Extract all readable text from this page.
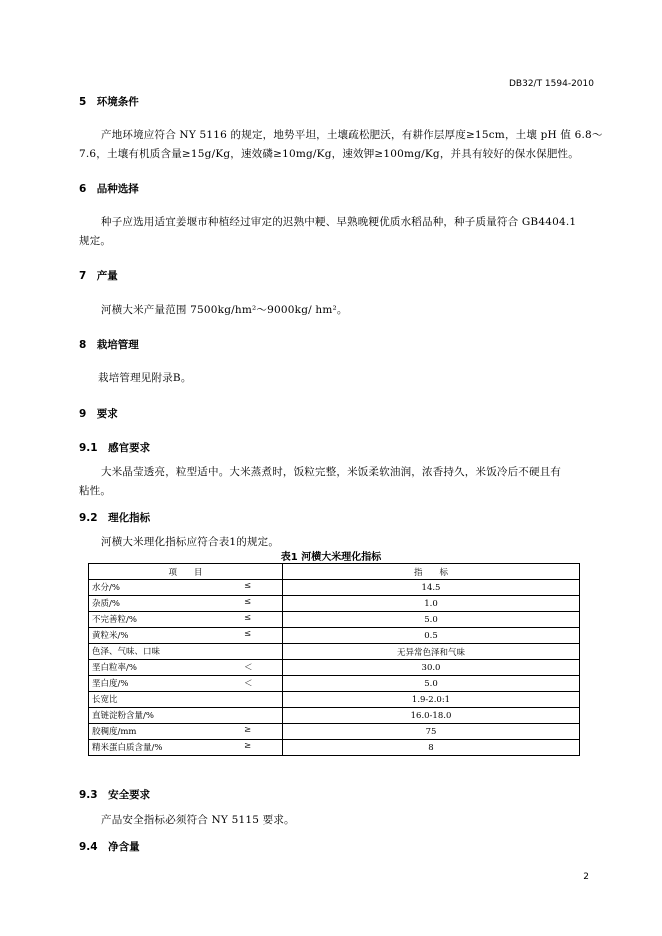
DB32/T 1594-2010
5　环境条件
产地环境应符合 NY 5116 的规定，地势平坦，土壤疏松肥沃，有耕作层厚度≥15cm，土壤 pH 值 6.8～
7.6，土壤有机质含量≥15g/Kg，速效磷≥10mg/Kg，速效钾≥100mg/Kg，并具有较好的保水保肥性。
6　品种选择
种子应选用适宜姜堰市种植经过审定的迟熟中粳、早熟晚粳优质水稻品种，种子质量符合 GB4404.1
规定。
7　产量
河横大米产量范围 7500kg/hm²～9000kg/ hm²。
8　栽培管理
栽培管理见附录B。
9　要求
9.1　感官要求
大米晶莹透亮，粒型适中。大米蒸煮时，饭粒完整，米饭柔软油润，浓香持久，米饭冷后不硬且有
粘性。
9.2　理化指标
河横大米理化指标应符合表1的规定。
表1 河横大米理化指标
项　　目	指　　标

水分/% ≤	14.5

杂质/% ≤	1.0

不完善粒/% ≤	5.0

黄粒米/% ≤	0.5

色泽、气味、口味	无异常色泽和气味

垩白粒率/% ＜	30.0

垩白度/% ＜	5.0

长宽比	1.9-2.0:1

直链淀粉含量/%	16.0-18.0

胶稠度/mm ≥	75

精米蛋白质含量/% ≥	8
9.3　安全要求
产品安全指标必须符合 NY 5115 要求。
9.4　净含量
2
